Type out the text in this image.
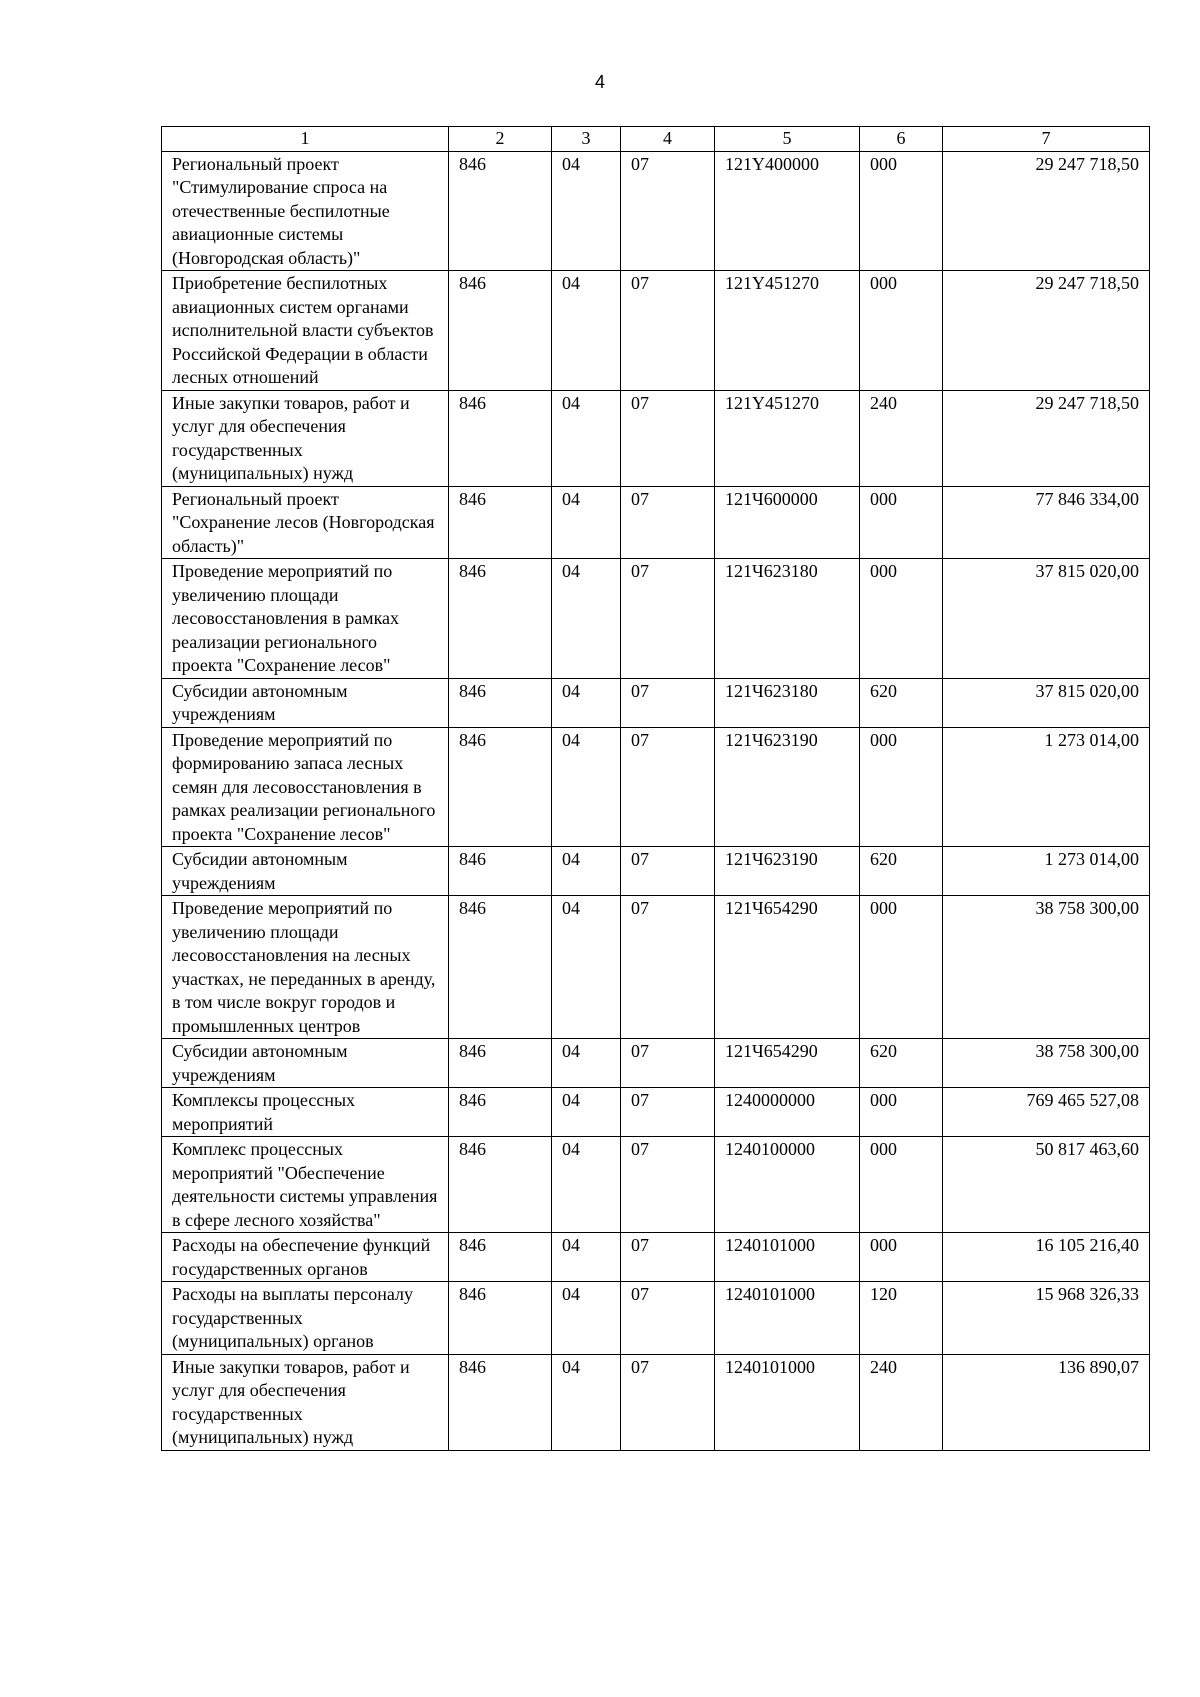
4
1	2	3	4	5	6	7
Региональный проект "Стимулирование спроса на отечественные беспилотные авиационные системы (Новгородская область)"	846	04	07	121Y400000	000	29 247 718,50
Приобретение беспилотных авиационных систем органами исполнительной власти субъектов Российской Федерации в области лесных отношений	846	04	07	121Y451270	000	29 247 718,50
Иные закупки товаров, работ и услуг для обеспечения государственных (муниципальных) нужд	846	04	07	121Y451270	240	29 247 718,50
Региональный проект "Сохранение лесов (Новгородская область)"	846	04	07	121Ч600000	000	77 846 334,00
Проведение мероприятий по увеличению площади лесовосстановления в рамках реализации регионального проекта "Сохранение лесов"	846	04	07	121Ч623180	000	37 815 020,00
Субсидии автономным учреждениям	846	04	07	121Ч623180	620	37 815 020,00
Проведение мероприятий по формированию запаса лесных семян для лесовосстановления в рамках реализации регионального проекта "Сохранение лесов"	846	04	07	121Ч623190	000	1 273 014,00
Субсидии автономным учреждениям	846	04	07	121Ч623190	620	1 273 014,00
Проведение мероприятий по увеличению площади лесовосстановления на лесных участках, не переданных в аренду, в том числе вокруг городов и промышленных центров	846	04	07	121Ч654290	000	38 758 300,00
Субсидии автономным учреждениям	846	04	07	121Ч654290	620	38 758 300,00
Комплексы процессных мероприятий	846	04	07	1240000000	000	769 465 527,08
Комплекс процессных мероприятий "Обеспечение деятельности системы управления в сфере лесного хозяйства"	846	04	07	1240100000	000	50 817 463,60
Расходы на обеспечение функций государственных органов	846	04	07	1240101000	000	16 105 216,40
Расходы на выплаты персоналу государственных (муниципальных) органов	846	04	07	1240101000	120	15 968 326,33
Иные закупки товаров, работ и услуг для обеспечения государственных (муниципальных) нужд	846	04	07	1240101000	240	136 890,07
